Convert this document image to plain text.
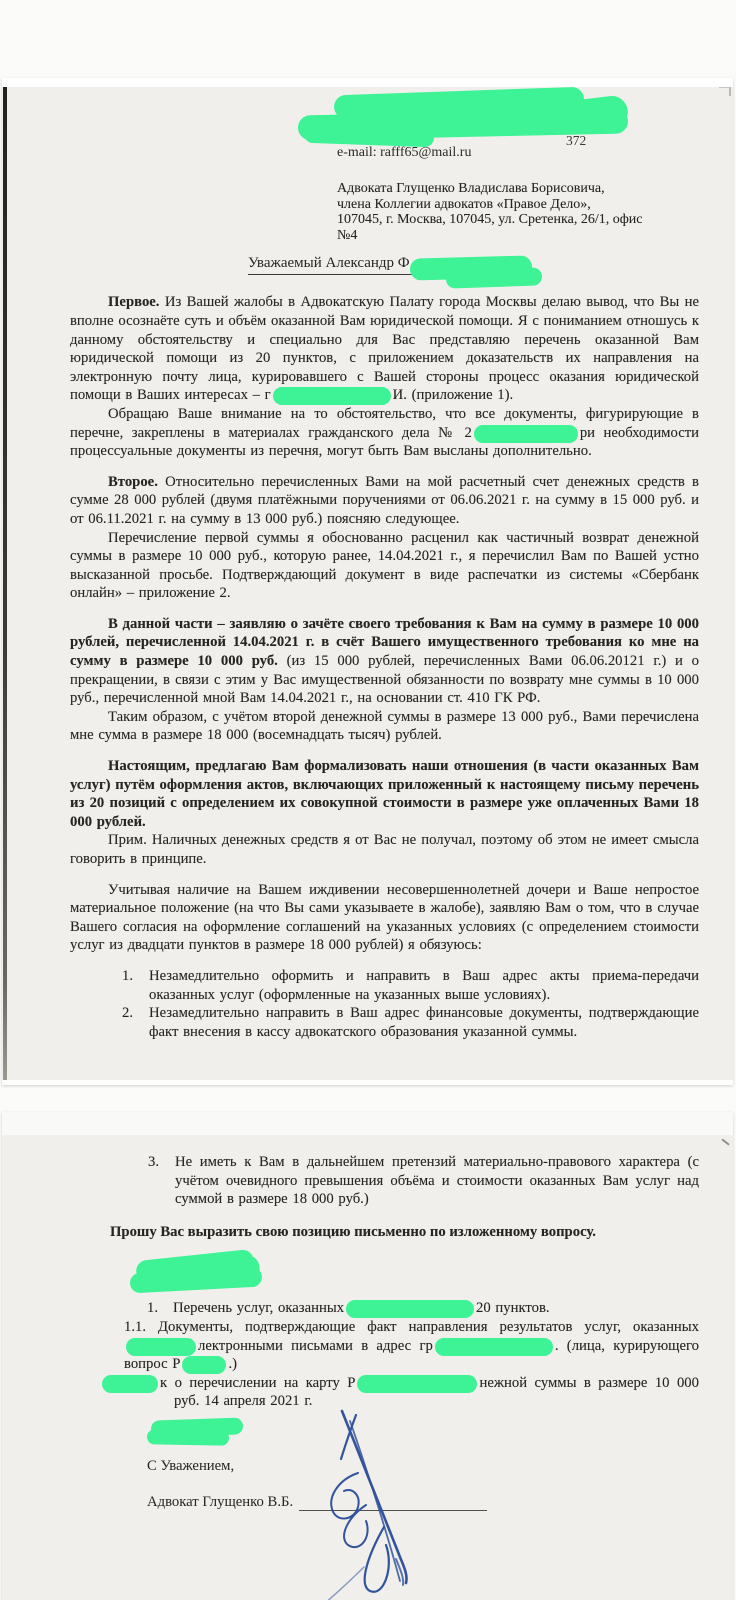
372
e-mail: rafff65@mail.ru
Адвоката Глущенко Владислава Борисовича,
члена Коллегии адвокатов «Правое Дело»,
107045, г. Москва, 107045, ул. Сретенка, 26/1, офис
№4
Уважаемый Александр Ф

Первое. Из Вашей жалобы в Адвокатскую Палату города Москвы делаю вывод, что Вы не вполне осознаёте суть и объём оказанной Вам юридической помощи. Я с пониманием отношусь к данному обстоятельству и специально для Вас представляю перечень оказанной Вам юридической помощи из 20 пунктов, с приложением доказательств их направления на электронную почту лица, курировавшего с Вашей стороны процесс оказания юридической помощи в Ваших интересах – г	И. (приложение 1).

Обращаю Ваше внимание на то обстоятельство, что все документы, фигурирующие в перечне, закреплены в материалах гражданского дела № 2	ри необходимости процессуальные документы из перечня, могут быть Вам высланы дополнительно.

Второе. Относительно перечисленных Вами на мой расчетный счет денежных средств в сумме 28 000 рублей (двумя платёжными поручениями от 06.06.2021 г. на сумму в 15 000 руб. и от 06.11.2021 г. на сумму в 13 000 руб.) поясняю следующее.

Перечисление первой суммы я обоснованно расценил как частичный возврат денежной суммы в размере 10 000 руб., которую ранее, 14.04.2021 г., я перечислил Вам по Вашей устно высказанной просьбе. Подтверждающий документ в виде распечатки из системы «Сбербанк онлайн» – приложение 2.

В данной части – заявляю о зачёте своего требования к Вам на сумму в размере 10 000 рублей, перечисленной 14.04.2021 г. в счёт Вашего имущественного требования ко мне на сумму в размере 10 000 руб. (из 15 000 рублей, перечисленных Вами 06.06.20121 г.) и о прекращении, в связи с этим у Вас имущественной обязанности по возврату мне суммы в 10 000 руб., перечисленной мной Вам 14.04.2021 г., на основании ст. 410 ГК РФ.

Таким образом, с учётом второй денежной суммы в размере 13 000 руб., Вами перечислена мне сумма в размере 18 000 (восемнадцать тысяч) рублей.

Настоящим, предлагаю Вам формализовать наши отношения (в части оказанных Вам услуг) путём оформления актов, включающих приложенный к настоящему письму перечень из 20 позиций с определением их совокупной стоимости в размере уже оплаченных Вами 18 000 рублей.

Прим. Наличных денежных средств я от Вас не получал, поэтому об этом не имеет смысла говорить в принципе.

Учитывая наличие на Вашем иждивении несовершеннолетней дочери и Ваше непростое материальное положение (на что Вы сами указываете в жалобе), заявляю Вам о том, что в случае Вашего согласия на оформление соглашений на указанных условиях (с определением стоимости услуг из двадцати пунктов в размере 18 000 рублей) я обязуюсь:

1.	Незамедлительно оформить и направить в Ваш адрес акты приема-передачи оказанных услуг (оформленные на указанных выше условиях).
2.	Незамедлительно направить в Ваш адрес финансовые документы, подтверждающие факт внесения в кассу адвокатского образования указанной суммы.
3.	Не иметь к Вам в дальнейшем претензий материально-правового характера (с учётом очевидного превышения объёма и стоимости оказанных Вам услуг над суммой в размере 18 000 руб.)
Прошу Вас выразить свою позицию письменно по изложенному вопросу.
1.	Перечень услуг, оказанных	20 пунктов.

1.1. Документы, подтверждающие факт направления результатов услуг, оказанных лектронными письмами в адрес гр	. (лица, курирующего вопрос Р	.)

к о перечислении на карту Р	нежной суммы в размере 10 000 руб. 14 апреля 2021 г.

С Уважением,
Адвокат Глущенко В.Б.
